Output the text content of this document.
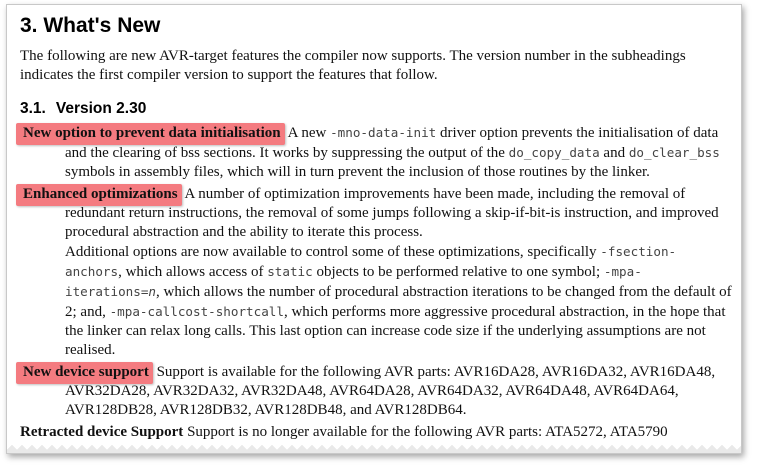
3. What's New

The following are new AVR-target features the compiler now supports. The version number in the subheadings indicates the first compiler version to support the features that follow.

3.1. Version 2.30

New option to prevent data initialisation A new -mno-data-init driver option prevents the initialisation of data and the clearing of bss sections. It works by suppressing the output of the do_copy_data and do_clear_bss symbols in assembly files, which will in turn prevent the inclusion of those routines by the linker.

Enhanced optimizations A number of optimization improvements have been made, including the removal of redundant return instructions, the removal of some jumps following a skip-if-bit-is instruction, and improved procedural abstraction and the ability to iterate this process.

Additional options are now available to control some of these optimizations, specifically -fsection-anchors, which allows access of static objects to be performed relative to one symbol; -mpa-iterations=n, which allows the number of procedural abstraction iterations to be changed from the default of 2; and, -mpa-callcost-shortcall, which performs more aggressive procedural abstraction, in the hope that the linker can relax long calls. This last option can increase code size if the underlying assumptions are not realised.

New device support Support is available for the following AVR parts: AVR16DA28, AVR16DA32, AVR16DA48, AVR32DA28, AVR32DA32, AVR32DA48, AVR64DA28, AVR64DA32, AVR64DA48, AVR64DA64, AVR128DB28, AVR128DB32, AVR128DB48, and AVR128DB64.

Retracted device Support Support is no longer available for the following AVR parts: ATA5272, ATA5790
